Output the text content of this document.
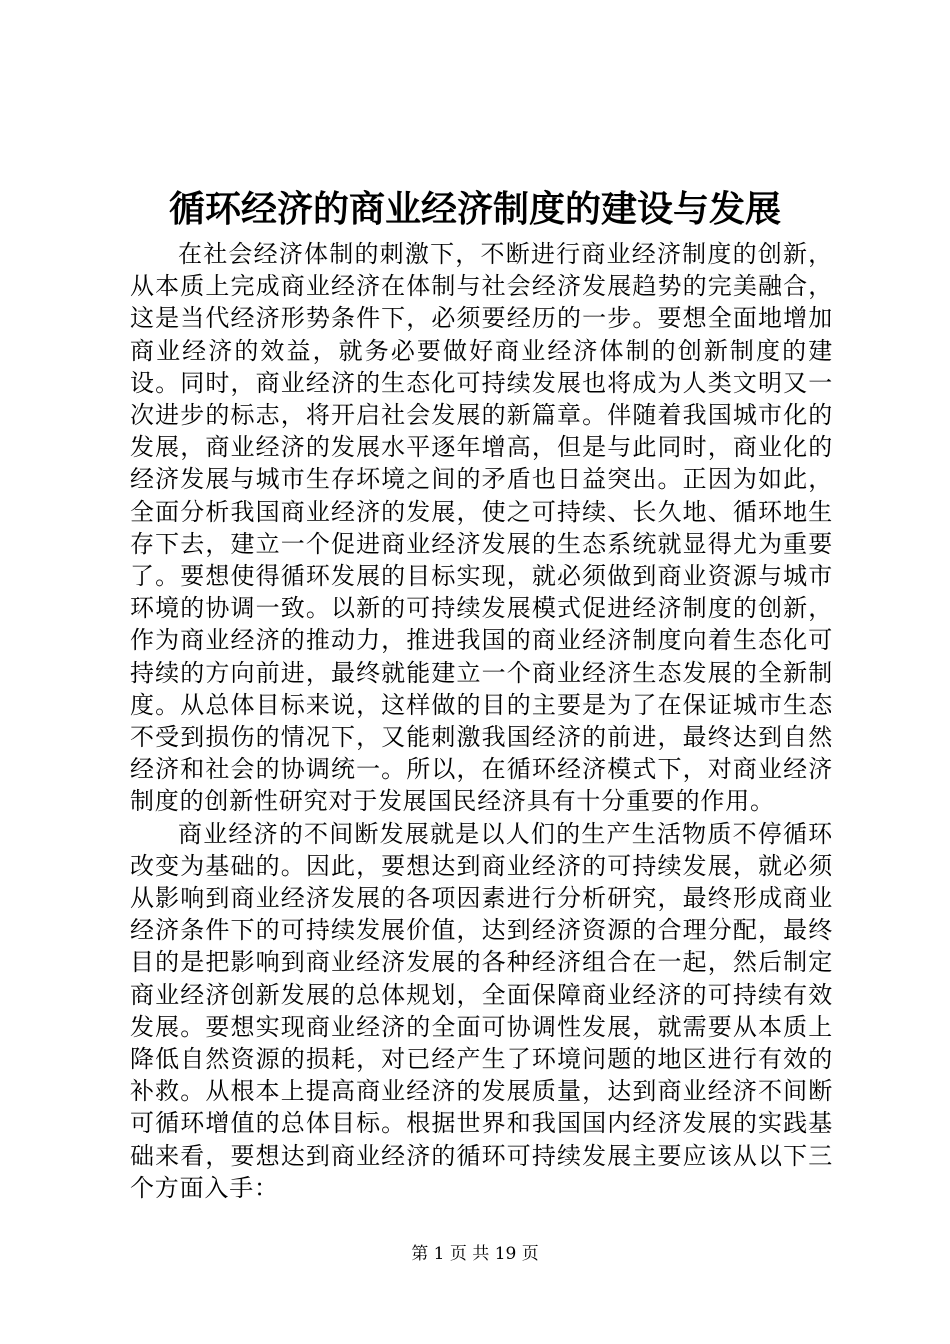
循环经济的商业经济制度的建设与发展

在社会经济体制的刺激下，不断进行商业经济制度的创新，从本质上完成商业经济在体制与社会经济发展趋势的完美融合，这是当代经济形势条件下，必须要经历的一步。要想全面地增加商业经济的效益，就务必要做好商业经济体制的创新制度的建设。同时，商业经济的生态化可持续发展也将成为人类文明又一次进步的标志，将开启社会发展的新篇章。伴随着我国城市化的发展，商业经济的发展水平逐年增高，但是与此同时，商业化的经济发展与城市生存坏境之间的矛盾也日益突出。正因为如此，全面分析我国商业经济的发展，使之可持续、长久地、循环地生存下去，建立一个促进商业经济发展的生态系统就显得尤为重要了。要想使得循环发展的目标实现，就必须做到商业资源与城市环境的协调一致。以新的可持续发展模式促进经济制度的创新，作为商业经济的推动力，推进我国的商业经济制度向着生态化可持续的方向前进，最终就能建立一个商业经济生态发展的全新制度。从总体目标来说，这样做的目的主要是为了在保证城市生态不受到损伤的情况下，又能刺激我国经济的前进，最终达到自然经济和社会的协调统一。所以，在循环经济模式下，对商业经济制度的创新性研究对于发展国民经济具有十分重要的作用。

商业经济的不间断发展就是以人们的生产生活物质不停循环改变为基础的。因此，要想达到商业经济的可持续发展，就必须从影响到商业经济发展的各项因素进行分析研究，最终形成商业经济条件下的可持续发展价值，达到经济资源的合理分配，最终目的是把影响到商业经济发展的各种经济组合在一起，然后制定商业经济创新发展的总体规划，全面保障商业经济的可持续有效发展。要想实现商业经济的全面可协调性发展，就需要从本质上降低自然资源的损耗，对已经产生了环境问题的地区进行有效的补救。从根本上提高商业经济的发展质量，达到商业经济不间断可循环增值的总体目标。根据世界和我国国内经济发展的实践基础来看，要想达到商业经济的循环可持续发展主要应该从以下三个方面入手：

第 1 页 共 19 页
